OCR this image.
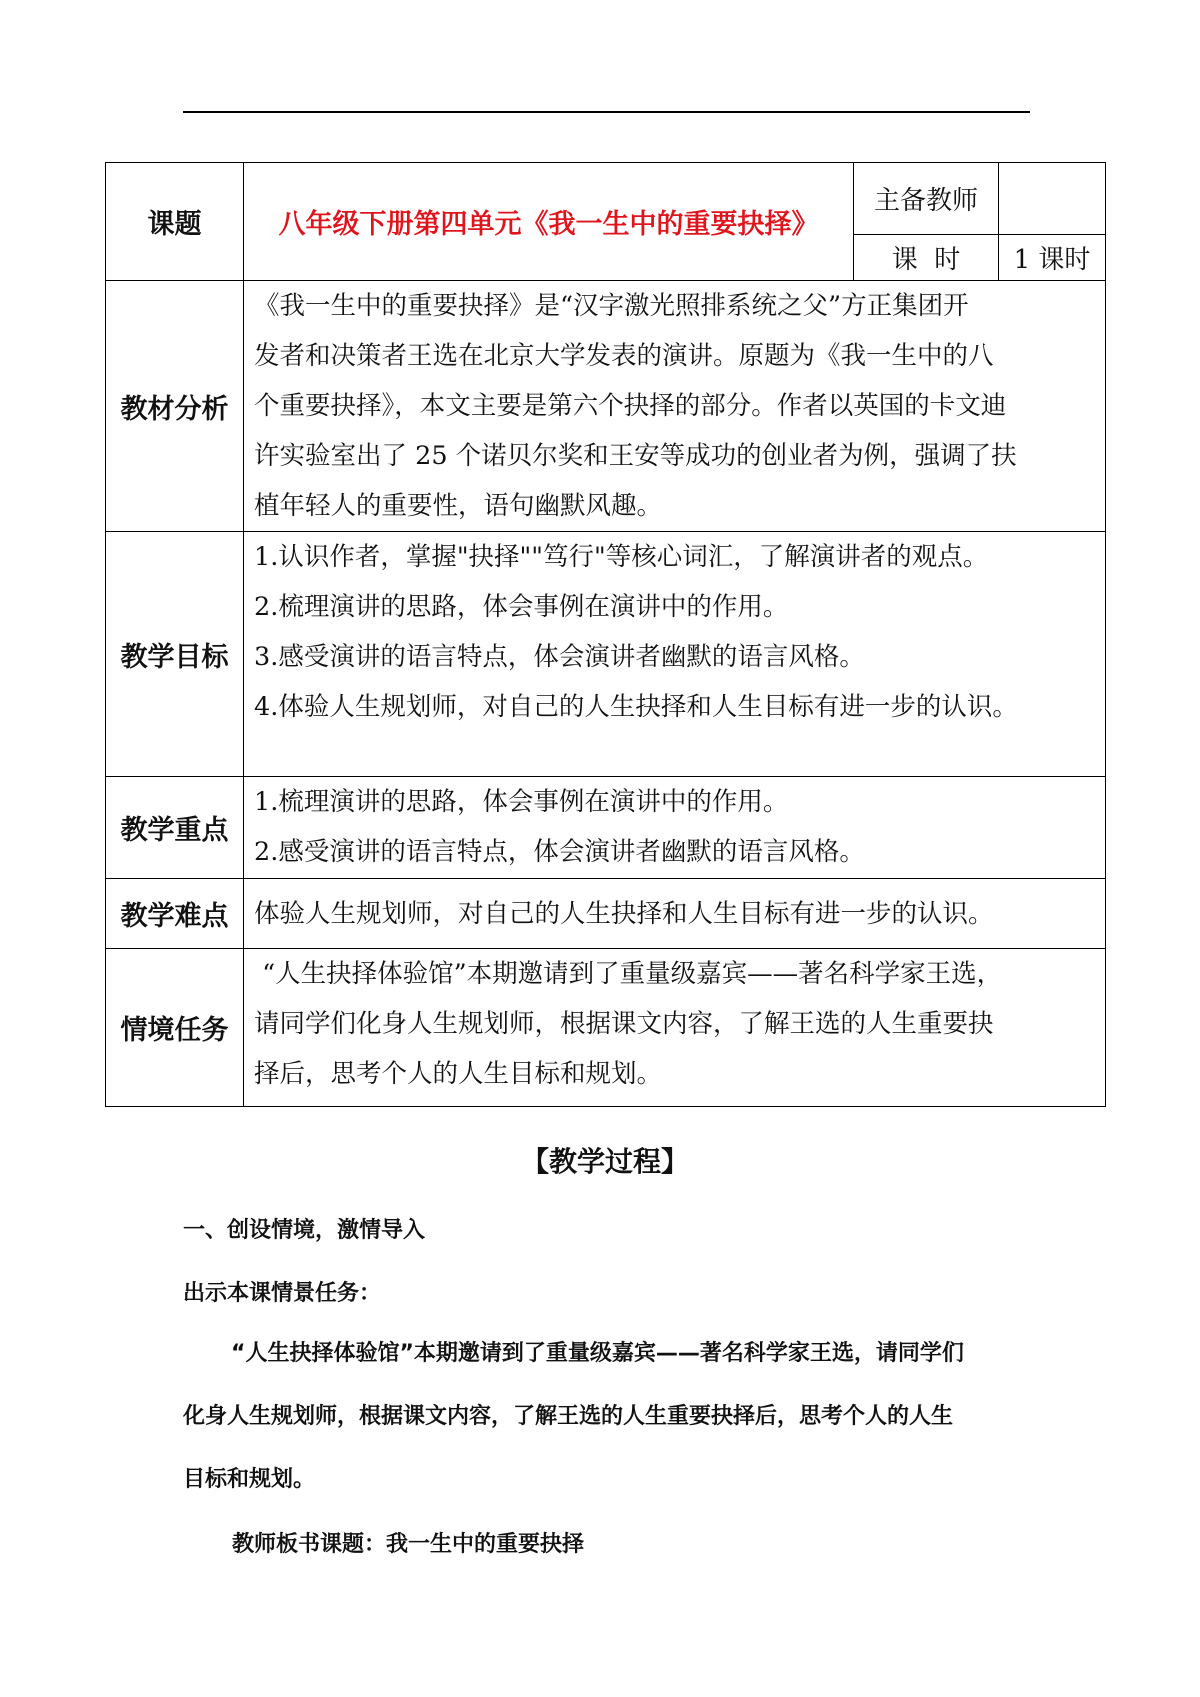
课题	八年级下册第四单元《我一生中的重要抉择》	主备教师	
		课  时	1 课时
教材分析	《我一生中的重要抉择》是“汉字激光照排系统之父”方正集团开

发者和决策者王选在北京大学发表的演讲。原题为《我一生中的八

个重要抉择》，本文主要是第六个抉择的部分。作者以英国的卡文迪

许实验室出了 25 个诺贝尔奖和王安等成功的创业者为例，强调了扶

植年轻人的重要性，语句幽默风趣。		

教学目标	1.认识作者，掌握"抉择""笃行"等核心词汇，了解演讲者的观点。

2.梳理演讲的思路，体会事例在演讲中的作用。

3.感受演讲的语言特点，体会演讲者幽默的语言风格。

4.体验人生规划师，对自己的人生抉择和人生目标有进一步的认识。		

教学重点	1.梳理演讲的思路，体会事例在演讲中的作用。

2.感受演讲的语言特点，体会演讲者幽默的语言风格。		

教学难点	体验人生规划师，对自己的人生抉择和人生目标有进一步的认识。		

情境任务	“人生抉择体验馆”本期邀请到了重量级嘉宾——著名科学家王选，

请同学们化身人生规划师，根据课文内容，了解王选的人生重要抉

择后，思考个人的人生目标和规划。		

【教学过程】
一、创设情境，激情导入
出示本课情景任务：
“人生抉择体验馆”本期邀请到了重量级嘉宾——著名科学家王选，请同学们
化身人生规划师，根据课文内容，了解王选的人生重要抉择后，思考个人的人生
目标和规划。
教师板书课题：我一生中的重要抉择
